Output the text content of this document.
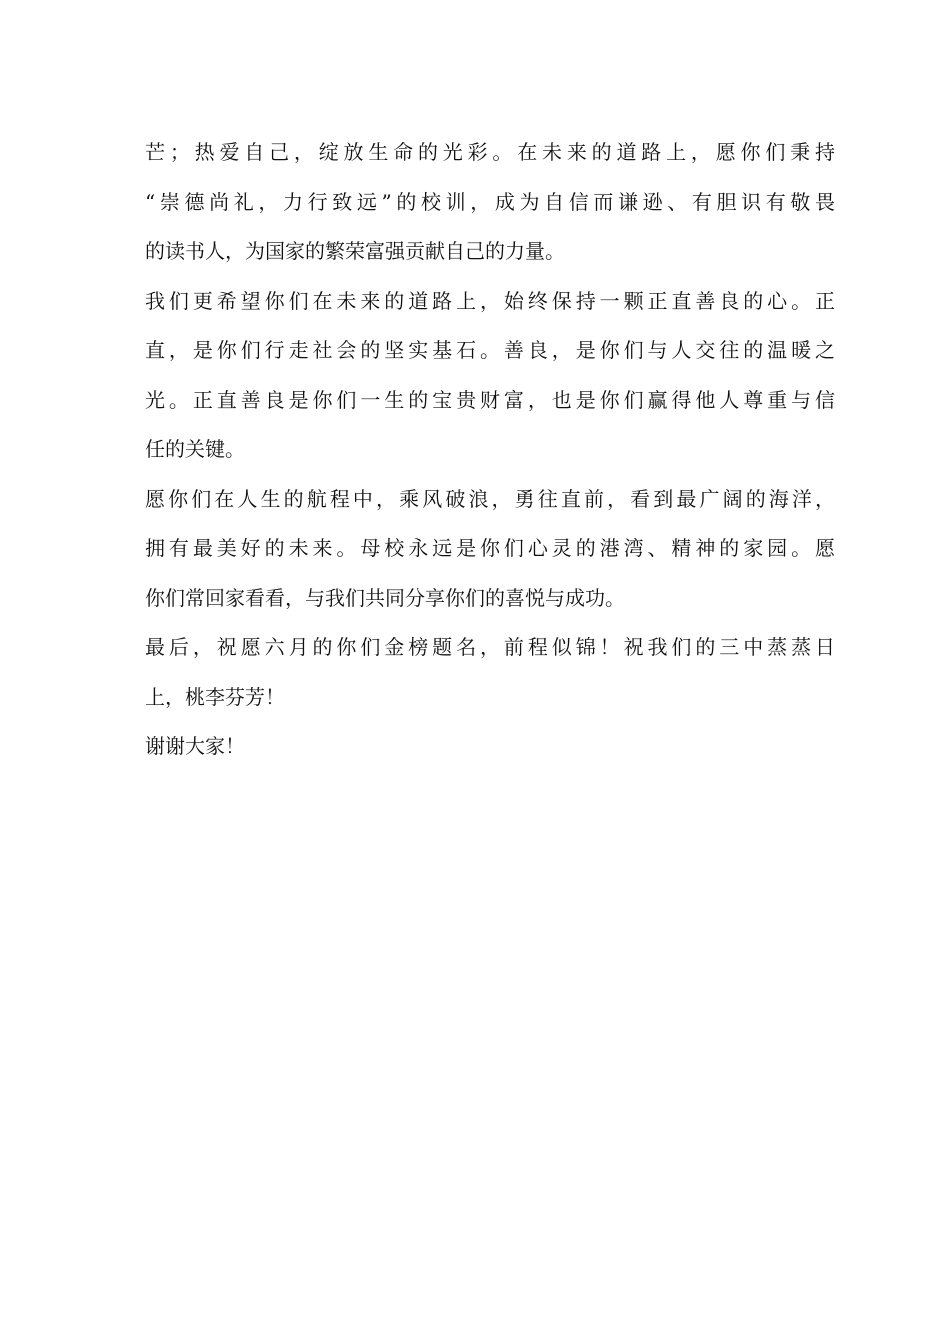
芒；热爱自己，绽放生命的光彩。在未来的道路上，愿你们秉持
“崇德尚礼，力行致远”的校训，成为自信而谦逊、有胆识有敬畏
的读书人，为国家的繁荣富强贡献自己的力量。
我们更希望你们在未来的道路上，始终保持一颗正直善良的心。正
直，是你们行走社会的坚实基石。善良，是你们与人交往的温暖之
光。正直善良是你们一生的宝贵财富，也是你们赢得他人尊重与信
任的关键。
愿你们在人生的航程中，乘风破浪，勇往直前，看到最广阔的海洋，
拥有最美好的未来。母校永远是你们心灵的港湾、精神的家园。愿
你们常回家看看，与我们共同分享你们的喜悦与成功。
最后，祝愿六月的你们金榜题名，前程似锦！祝我们的三中蒸蒸日
上，桃李芬芳！
谢谢大家！
